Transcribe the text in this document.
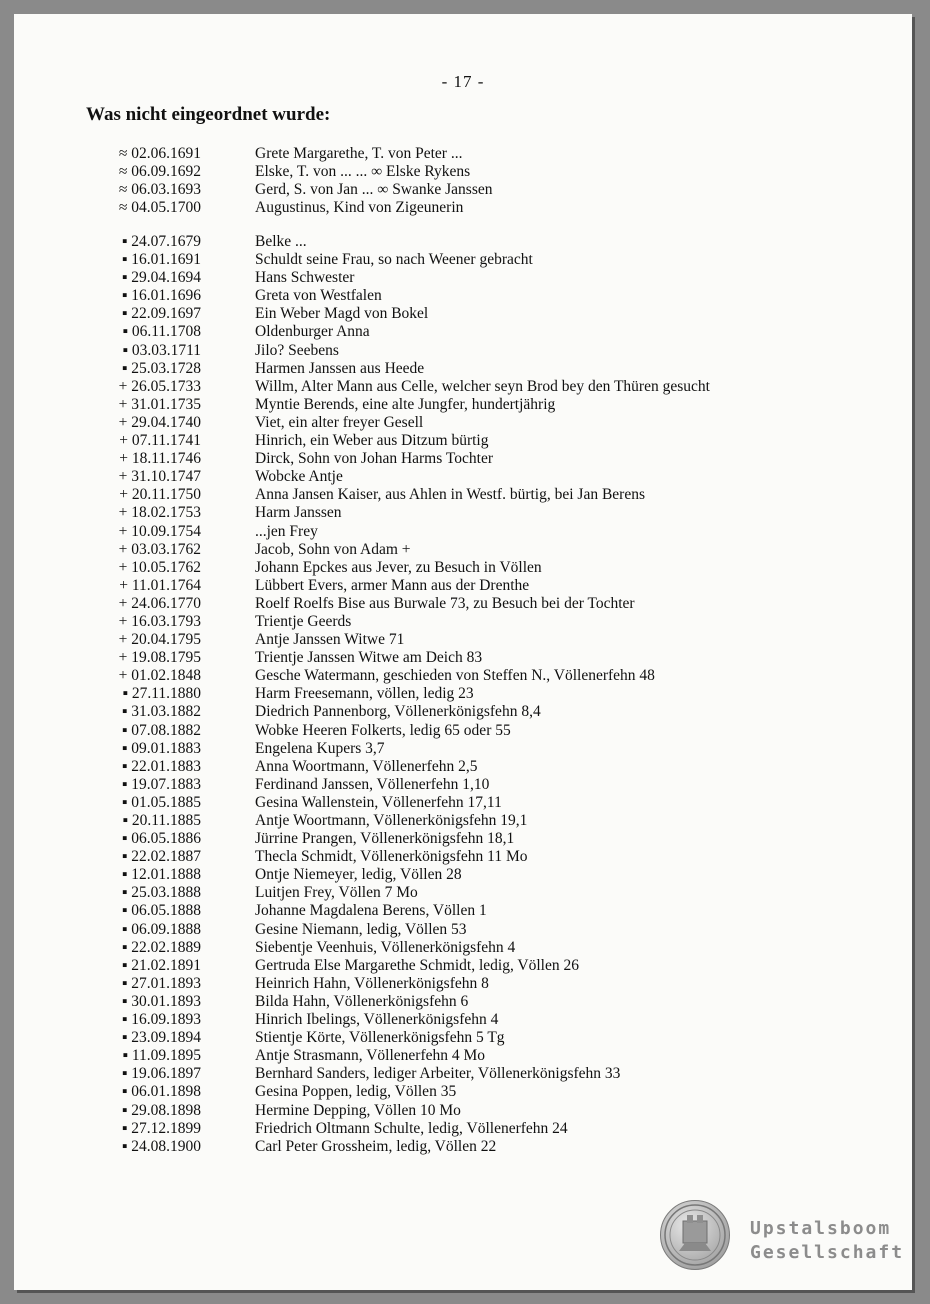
- 17 -
Was nicht eingeordnet wurde:
≈ 02.06.1691	Grete Margarethe, T. von Peter ...
≈ 06.09.1692	Elske, T. von ... ... ∞ Elske Rykens
≈ 06.03.1693	Gerd, S. von Jan ... ∞ Swanke Janssen
≈ 04.05.1700	Augustinus, Kind von Zigeunerin
▪ 24.07.1679	Belke ...
▪ 16.01.1691	Schuldt seine Frau, so nach Weener gebracht
▪ 29.04.1694	Hans Schwester
▪ 16.01.1696	Greta von Westfalen
▪ 22.09.1697	Ein Weber Magd von Bokel
▪ 06.11.1708	Oldenburger Anna
▪ 03.03.1711	Jilo? Seebens
▪ 25.03.1728	Harmen Janssen aus Heede
+ 26.05.1733	Willm, Alter Mann aus Celle, welcher seyn Brod bey den Thüren gesucht
+ 31.01.1735	Myntie Berends, eine alte Jungfer, hundertjährig
+ 29.04.1740	Viet, ein alter freyer Gesell
+ 07.11.1741	Hinrich, ein Weber aus Ditzum bürtig
+ 18.11.1746	Dirck, Sohn von Johan Harms Tochter
+ 31.10.1747	Wobcke Antje
+ 20.11.1750	Anna Jansen Kaiser, aus Ahlen in Westf. bürtig, bei Jan Berens
+ 18.02.1753	Harm Janssen
+ 10.09.1754	...jen Frey
+ 03.03.1762	Jacob, Sohn von Adam +
+ 10.05.1762	Johann Epckes aus Jever, zu Besuch in Völlen
+ 11.01.1764	Lübbert Evers, armer Mann aus der Drenthe
+ 24.06.1770	Roelf Roelfs Bise aus Burwale 73, zu Besuch bei der Tochter
+ 16.03.1793	Trientje Geerds
+ 20.04.1795	Antje Janssen Witwe 71
+ 19.08.1795	Trientje Janssen Witwe am Deich 83
+ 01.02.1848	Gesche Watermann, geschieden von Steffen N., Völlenerfehn 48
▪ 27.11.1880	Harm Freesemann, völlen, ledig 23
▪ 31.03.1882	Diedrich Pannenborg, Völlenerkönigsfehn 8,4
▪ 07.08.1882	Wobke Heeren Folkerts, ledig 65 oder 55
▪ 09.01.1883	Engelena Kupers 3,7
▪ 22.01.1883	Anna Woortmann, Völlenerfehn 2,5
▪ 19.07.1883	Ferdinand Janssen, Völlenerfehn 1,10
▪ 01.05.1885	Gesina Wallenstein, Völlenerfehn 17,11
▪ 20.11.1885	Antje Woortmann, Völlenerkönigsfehn 19,1
▪ 06.05.1886	Jürrine Prangen, Völlenerkönigsfehn 18,1
▪ 22.02.1887	Thecla Schmidt, Völlenerkönigsfehn 11 Mo
▪ 12.01.1888	Ontje Niemeyer, ledig, Völlen 28
▪ 25.03.1888	Luitjen Frey, Völlen 7 Mo
▪ 06.05.1888	Johanne Magdalena Berens, Völlen 1
▪ 06.09.1888	Gesine Niemann, ledig, Völlen 53
▪ 22.02.1889	Siebentje Veenhuis, Völlenerkönigsfehn 4
▪ 21.02.1891	Gertruda Else Margarethe Schmidt, ledig, Völlen 26
▪ 27.01.1893	Heinrich Hahn, Völlenerkönigsfehn 8
▪ 30.01.1893	Bilda Hahn, Völlenerkönigsfehn 6
▪ 16.09.1893	Hinrich Ibelings, Völlenerkönigsfehn 4
▪ 23.09.1894	Stientje Körte, Völlenerkönigsfehn 5 Tg
▪ 11.09.1895	Antje Strasmann, Völlenerfehn 4 Mo
▪ 19.06.1897	Bernhard Sanders, lediger Arbeiter, Völlenerkönigsfehn 33
▪ 06.01.1898	Gesina Poppen, ledig, Völlen 35
▪ 29.08.1898	Hermine Depping, Völlen 10 Mo
▪ 27.12.1899	Friedrich Oltmann Schulte, ledig, Völlenerfehn 24
▪ 24.08.1900	Carl Peter Grossheim, ledig, Völlen 22
Upstalsboom
Gesellschaft
